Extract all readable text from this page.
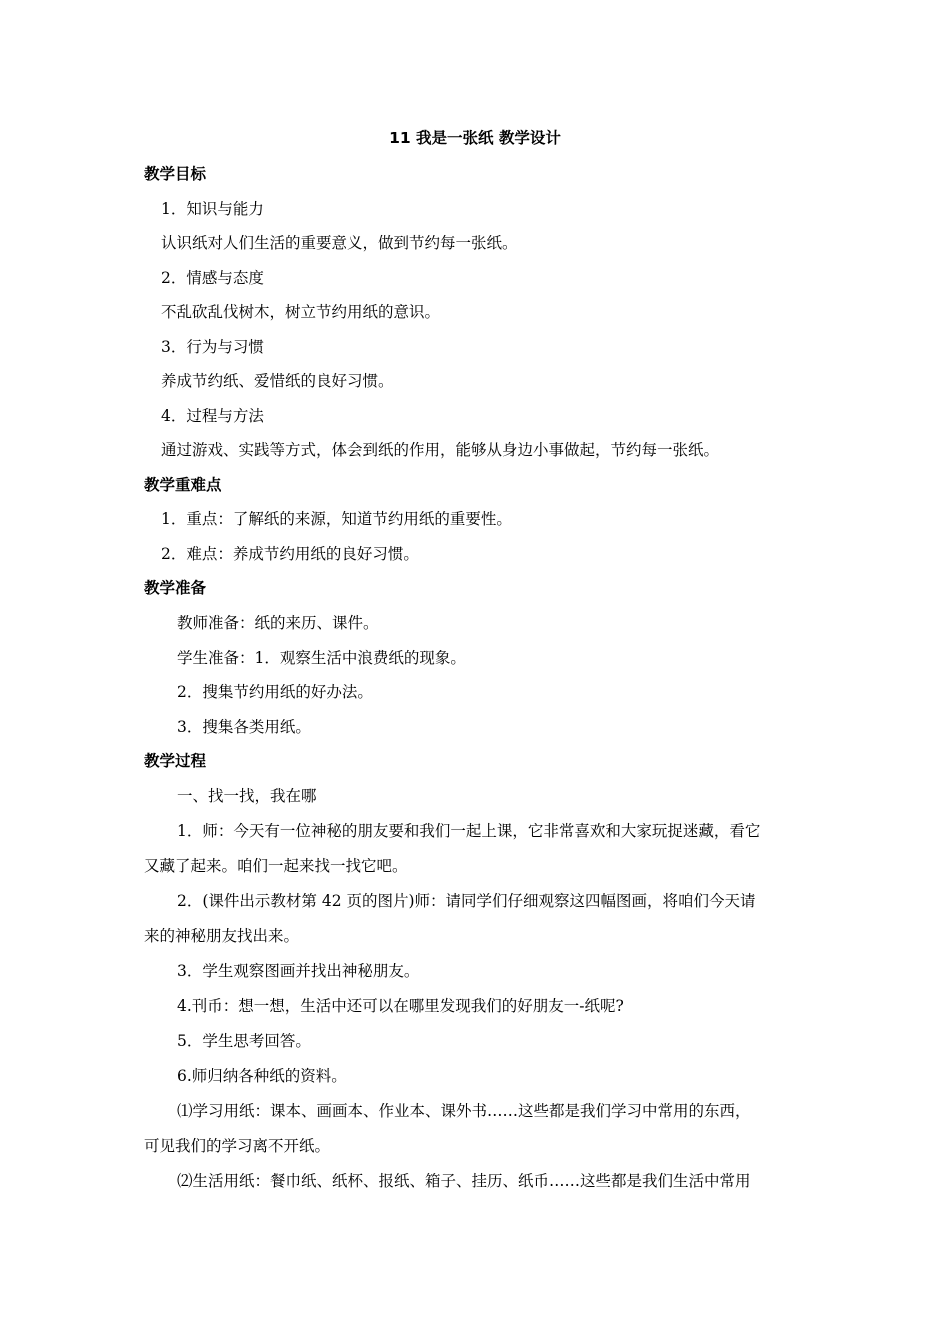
11 我是一张纸 教学设计
教学目标
1．知识与能力
认识纸对人们生活的重要意义，做到节约每一张纸。
2．情感与态度
不乱砍乱伐树木，树立节约用纸的意识。
3．行为与习惯
养成节约纸、爱惜纸的良好习惯。
4．过程与方法
通过游戏、实践等方式，体会到纸的作用，能够从身边小事做起，节约每一张纸。
教学重难点
1．重点：了解纸的来源，知道节约用纸的重要性。
2．难点：养成节约用纸的良好习惯。
教学准备
教师准备：纸的来历、课件。
学生准备：1．观察生活中浪费纸的现象。
2．搜集节约用纸的好办法。
3．搜集各类用纸。
教学过程
一、找一找，我在哪
1．师：今天有一位神秘的朋友要和我们一起上课，它非常喜欢和大家玩捉迷藏，看它
又藏了起来。咱们一起来找一找它吧。
2．(课件出示教材第 42 页的图片)师：请同学们仔细观察这四幅图画，将咱们今天请
来的神秘朋友找出来。
3．学生观察图画并找出神秘朋友。
4.刊币：想一想，生活中还可以在哪里发现我们的好朋友一-纸呢?
5．学生思考回答。
6.师归纳各种纸的资料。
⑴学习用纸：课本、画画本、作业本、课外书……这些都是我们学习中常用的东西，
可见我们的学习离不开纸。
⑵生活用纸：餐巾纸、纸杯、报纸、箱子、挂历、纸币……这些都是我们生活中常用
